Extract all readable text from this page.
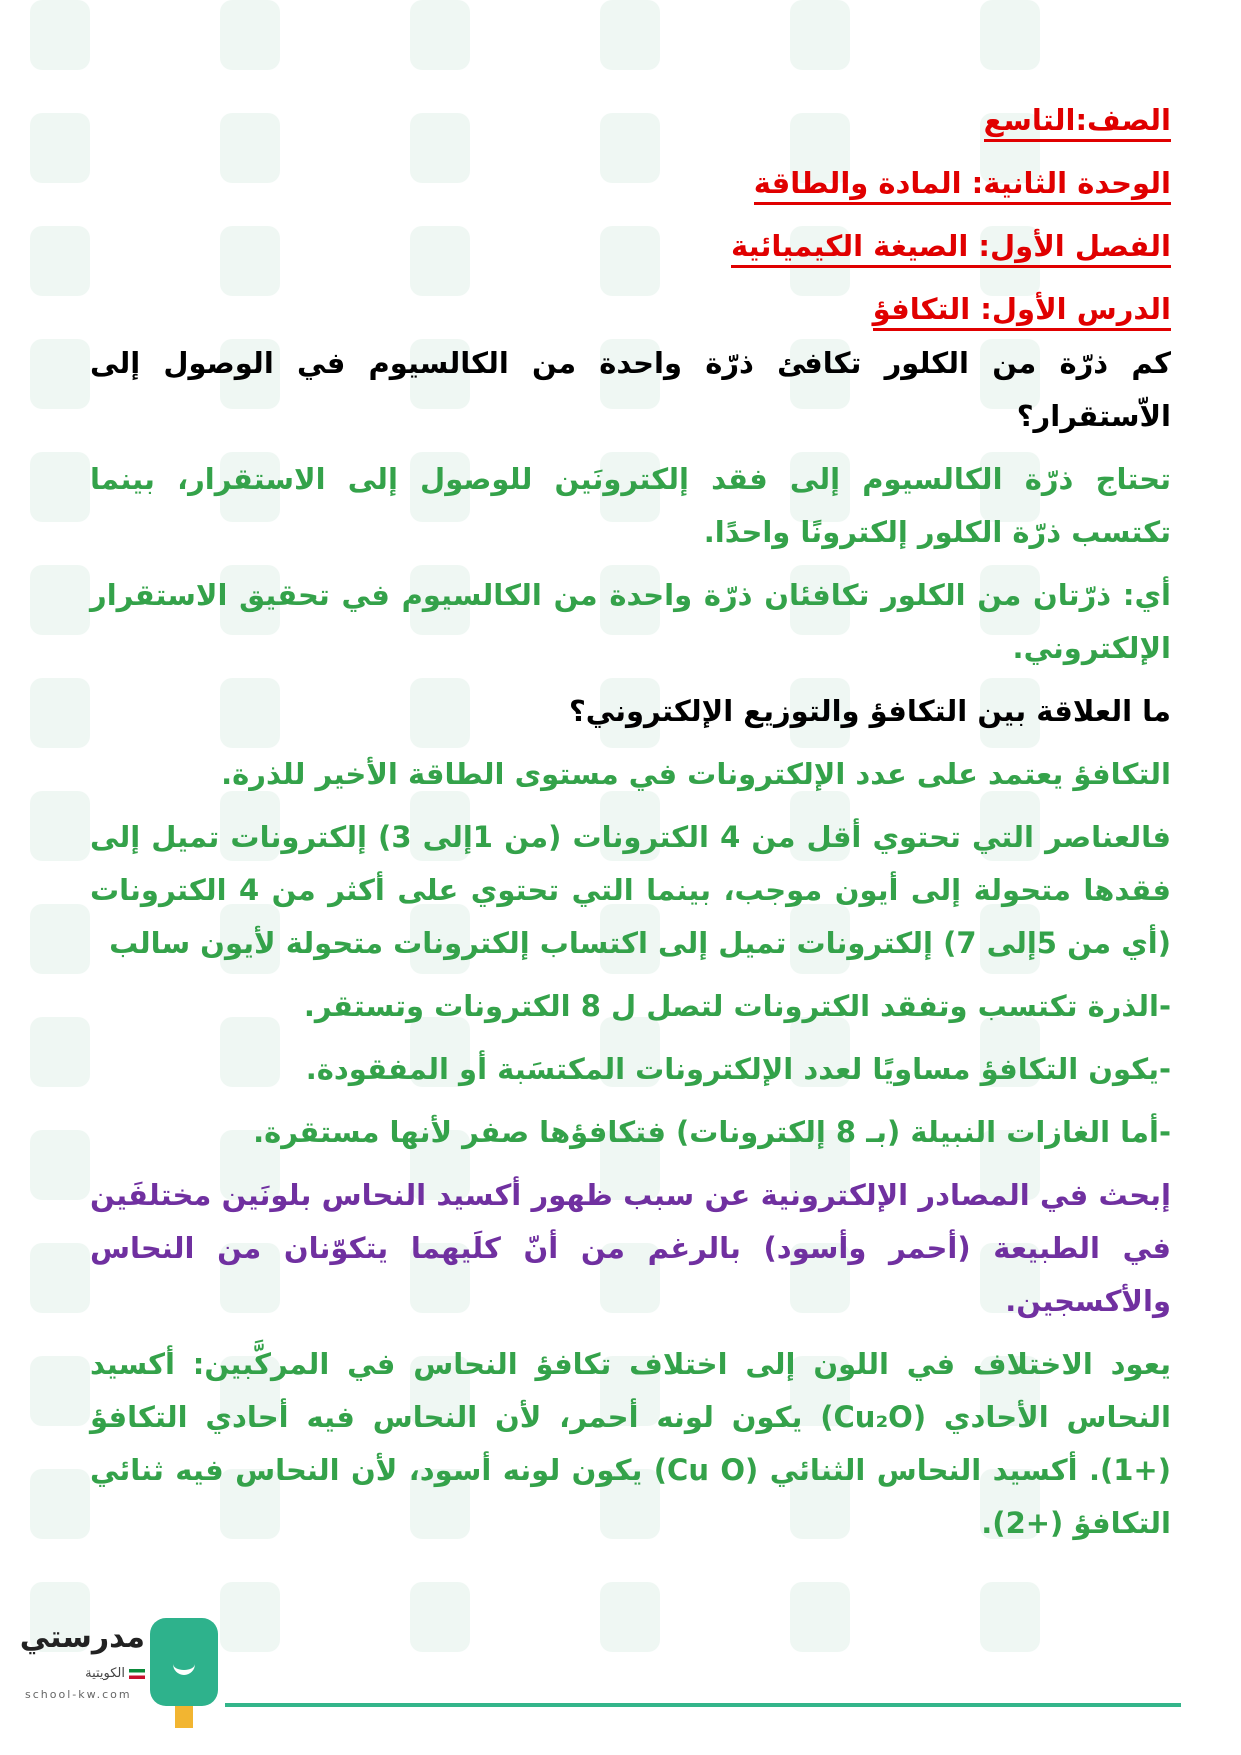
الصف:التاسع
الوحدة الثانية: المادة والطاقة
الفصل الأول: الصيغة الكيميائية
الدرس الأول: التكافؤ
كم ذرّة من الكلور تكافئ ذرّة واحدة من الكالسيوم في الوصول إلى الاّستقرار؟
تحتاج ذرّة الكالسيوم إلى فقد إلكترونَين للوصول إلى الاستقرار، بينما تكتسب ذرّة الكلور إلكترونًا واحدًا.
أي: ذرّتان من الكلور تكافئان ذرّة واحدة من الكالسيوم في تحقيق الاستقرار الإلكتروني.
ما العلاقة بين التكافؤ والتوزيع الإلكتروني؟
التكافؤ يعتمد على عدد الإلكترونات في مستوى الطاقة الأخير للذرة.
فالعناصر التي تحتوي أقل من 4 الكترونات (من 1إلى 3) إلكترونات تميل إلى فقدها متحولة إلى أيون موجب، بينما التي تحتوي على أكثر من 4 الكترونات (أي من 5إلى 7) إلكترونات تميل إلى اكتساب إلكترونات متحولة لأيون سالب
-الذرة تكتسب وتفقد الكترونات لتصل ل 8 الكترونات وتستقر.
-يكون التكافؤ مساويًا لعدد الإلكترونات المكتسَبة أو المفقودة.
-أما الغازات النبيلة (بـ 8 إلكترونات) فتكافؤها صفر لأنها مستقرة.
إبحث في المصادر الإلكترونية عن سبب ظهور أكسيد النحاس بلونَين مختلفَين في الطبيعة (أحمر وأسود) بالرغم من أنّ كلَيهما يتكوّنان من النحاس والأكسجين.
يعود الاختلاف في اللون إلى اختلاف تكافؤ النحاس في المركَّبين: أكسيد النحاس الأحادي (Cu₂O) يكون لونه أحمر، لأن النحاس فيه أحادي التكافؤ (+1). أكسيد النحاس الثنائي (Cu O) يكون لونه أسود، لأن النحاس فيه ثنائي التكافؤ (+2).
مدرستي
الكويتية
school-kw.com
